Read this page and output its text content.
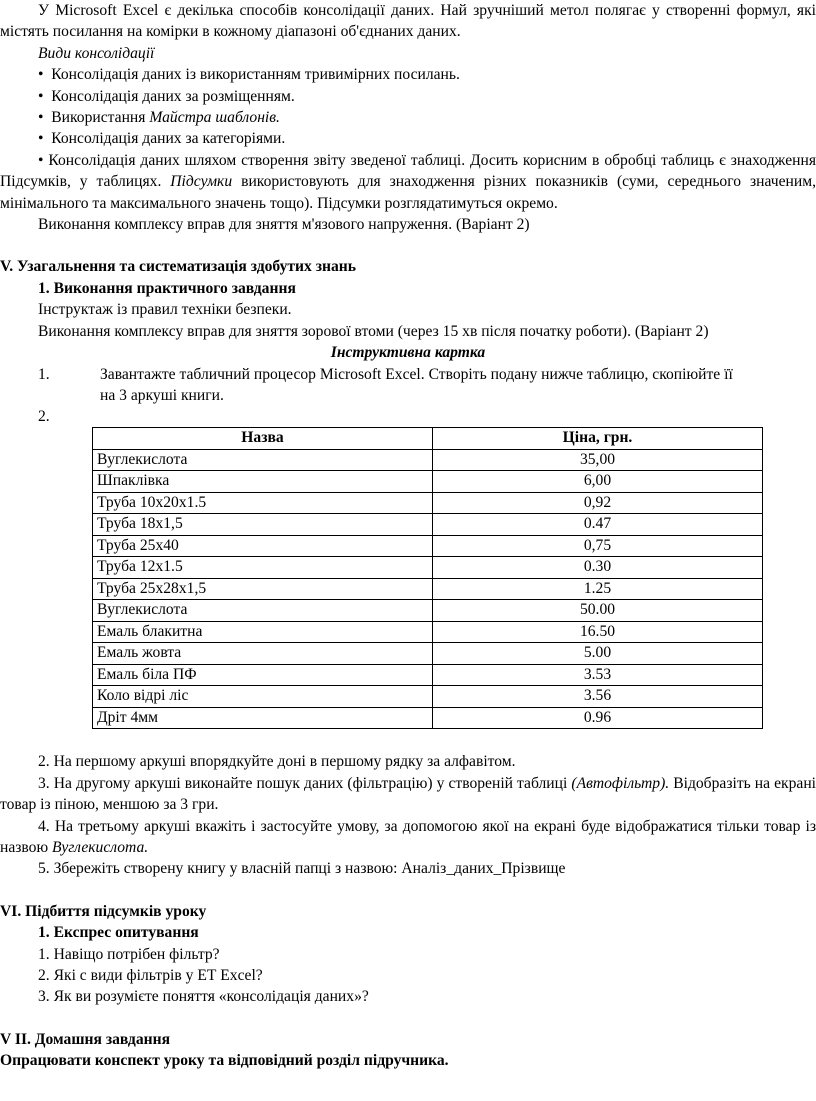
У Microsoft Excel є декілька способів консолідації даних. Най зручніший метол полягає у створенні формул, які містять посилання на комірки в кожному діапазоні об'єднаних даних.

Види консолідації

• Консолідація даних із використанням тривимірних посилань.

• Консолідація даних за розміщенням.

• Використання Майстра шаблонів.

• Консолідація даних за категоріями.

• Консолідація даних шляхом створення звіту зведеної таблиці. Досить корисним в обробці таблиць є знаходження Підсумків, у таблицях. Підсумки використовують для знаходження різних показників (суми, середнього значеним, мінімального та максимального значень тощо). Підсумки розглядатимуться окремо.

Виконання комплексу вправ для зняття м'язового напруження. (Варіант 2)

V. Узагальнення та систематизація здобутих знань

1. Виконання практичного завдання

Інструктаж із правил техніки безпеки.

Виконання комплексу вправ для зняття зорової втоми (через 15 хв після початку роботи). (Варіант 2)

Інструктивна картка

1.	Завантажте табличний процесор Microsoft Excel. Створіть подану нижче таблицю, скопіюйте її на 3 аркуші книги.
2.
Назва	Ціна, грн.
Вуглекислота	35,00
Шпаклівка	6,00
Труба 10х20х1.5	0,92
Труба 18х1,5	0.47
Труба 25х40	0,75
Труба 12х1.5	0.30
Труба 25х28х1,5	1.25
Вуглекислота	50.00
Емаль блакитна	16.50
Емаль жовта	5.00
Емаль біла ПФ	3.53
Коло відрі ліс	3.56
Дріт 4мм	0.96

2. На першому аркуші впорядкуйте доні в першому рядку за алфавітом.

3. На другому аркуші виконайте пошук даних (фільтрацію) у створеній таблиці (Автофільтр). Відобразіть на екрані товар із піною, меншою за 3 гри.

4. На третьому аркуші вкажіть і застосуйте умову, за допомогою якої на екрані буде відображатися тільки товар із назвою Вуглекислота.

5. Збережіть створену книгу у власній папці з назвою: Аналіз_даних_Прізвище

VI. Підбиття підсумків уроку

1. Експрес опитування

1. Навіщо потрібен фільтр?

2. Які с види фільтрів у ЕТ Excel?

3. Як ви розумієте поняття «консолідація даних»?

V II. Домашня завдання

Опрацювати конспект уроку та відповідний розділ підручника.
